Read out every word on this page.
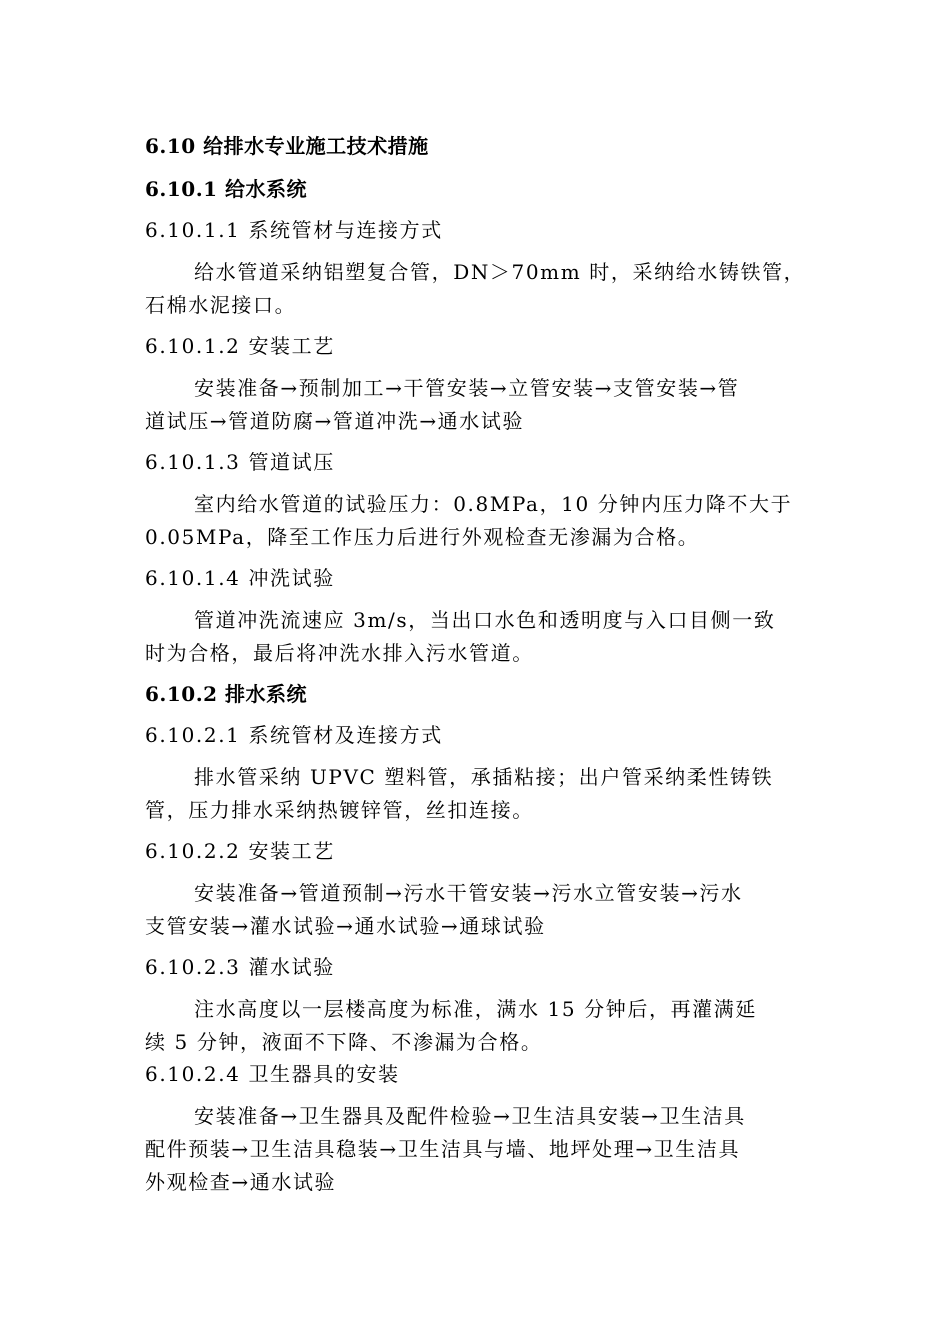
6.10 给排水专业施工技术措施
6.10.1 给水系统
6.10.1.1 系统管材与连接方式
给水管道采纳铝塑复合管，DN＞70mm 时，采纳给水铸铁管，
石棉水泥接口。
6.10.1.2 安装工艺
安装准备→预制加工→干管安装→立管安装→支管安装→管
道试压→管道防腐→管道冲洗→通水试验
6.10.1.3 管道试压
室内给水管道的试验压力：0.8MPa，10 分钟内压力降不大于
0.05MPa，降至工作压力后进行外观检查无渗漏为合格。
6.10.1.4 冲洗试验
管道冲洗流速应 3m/s，当出口水色和透明度与入口目侧一致
时为合格，最后将冲洗水排入污水管道。
6.10.2 排水系统
6.10.2.1 系统管材及连接方式
排水管采纳 UPVC 塑料管，承插粘接；出户管采纳柔性铸铁
管，压力排水采纳热镀锌管，丝扣连接。
6.10.2.2 安装工艺
安装准备→管道预制→污水干管安装→污水立管安装→污水
支管安装→灌水试验→通水试验→通球试验
6.10.2.3 灌水试验
注水高度以一层楼高度为标准，满水 15 分钟后，再灌满延
续 5 分钟，液面不下降、不渗漏为合格。
6.10.2.4 卫生器具的安装
安装准备→卫生器具及配件检验→卫生洁具安装→卫生洁具
配件预装→卫生洁具稳装→卫生洁具与墙、地坪处理→卫生洁具
外观检查→通水试验
